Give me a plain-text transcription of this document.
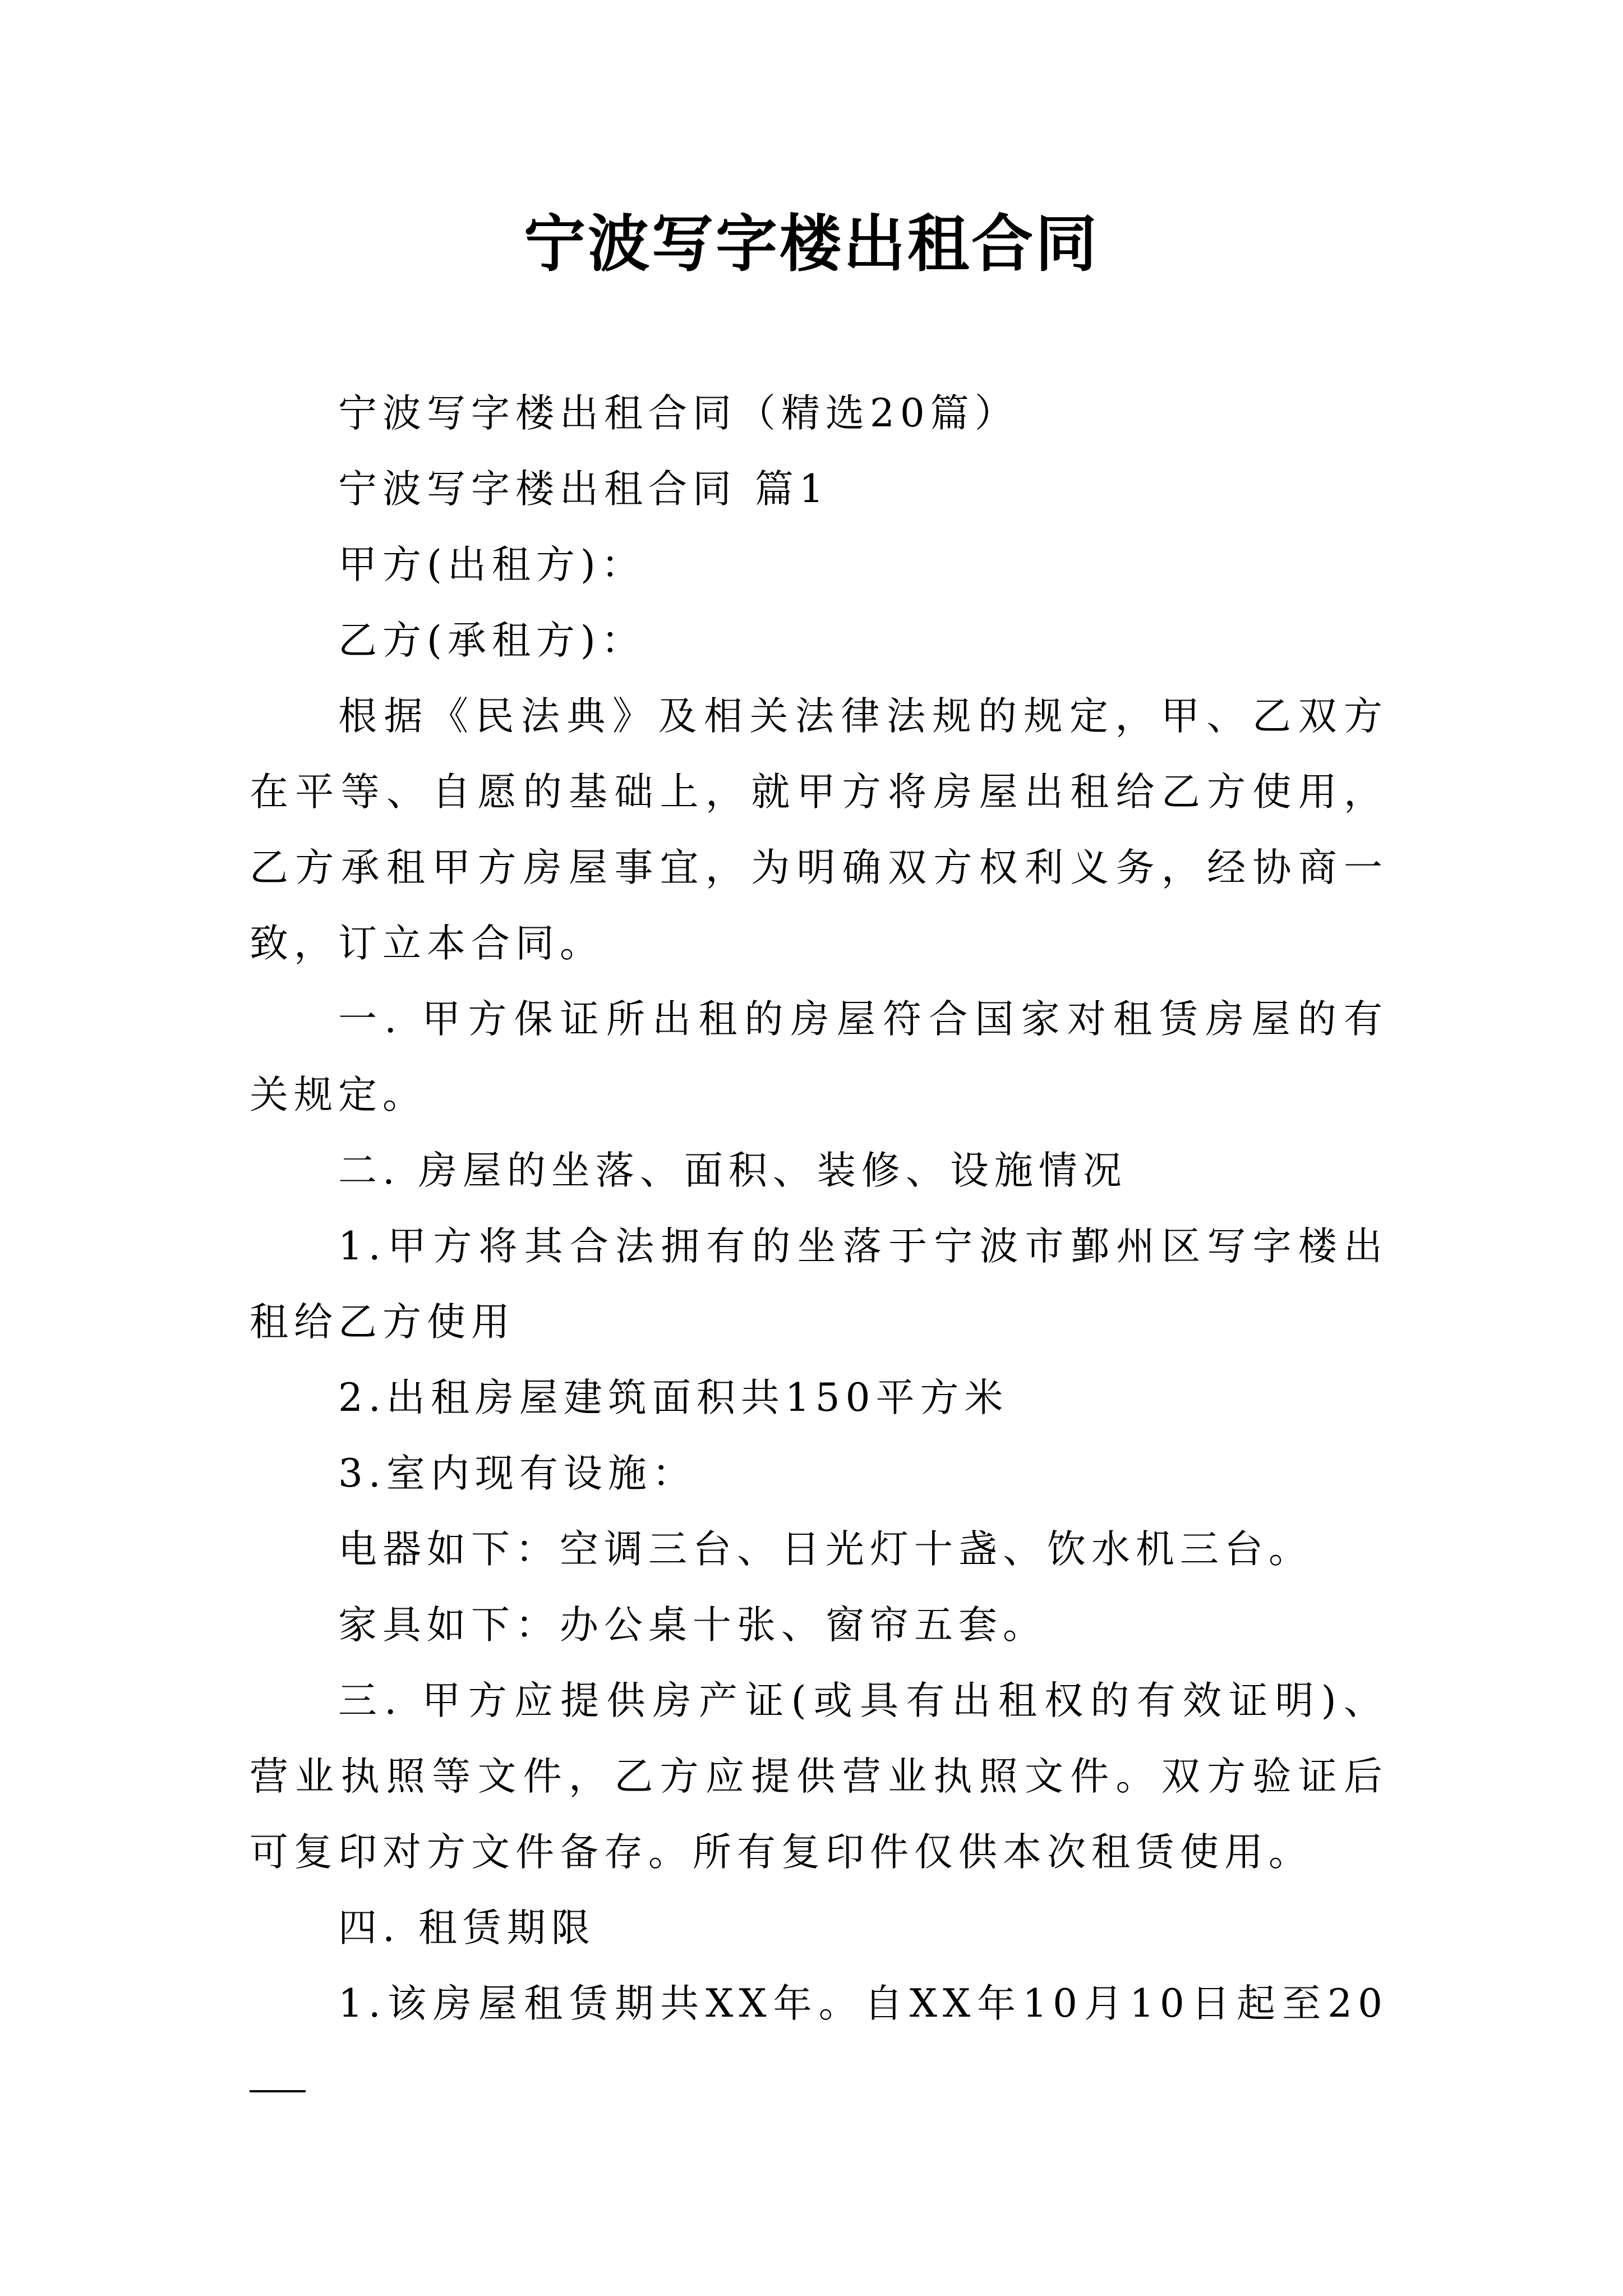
宁波写字楼出租合同

宁波写字楼出租合同（精选20篇）

宁波写字楼出租合同 篇1

甲方(出租方)：

乙方(承租方)：

根据《民法典》及相关法律法规的规定，甲、乙双方在平等、自愿的基础上，就甲方将房屋出租给乙方使用，乙方承租甲方房屋事宜，为明确双方权利义务，经协商一致，订立本合同。

一. 甲方保证所出租的房屋符合国家对租赁房屋的有关规定。

二. 房屋的坐落、面积、装修、设施情况

1.甲方将其合法拥有的坐落于宁波市鄞州区写字楼出租给乙方使用

2.出租房屋建筑面积共150平方米

3.室内现有设施：

电器如下：空调三台、日光灯十盏、饮水机三台。

家具如下：办公桌十张、窗帘五套。

三. 甲方应提供房产证(或具有出租权的有效证明)、营业执照等文件，乙方应提供营业执照文件。双方验证后可复印对方文件备存。所有复印件仅供本次租赁使用。

四. 租赁期限

1.该房屋租赁期共XX年。自XX年10月10日起至20
